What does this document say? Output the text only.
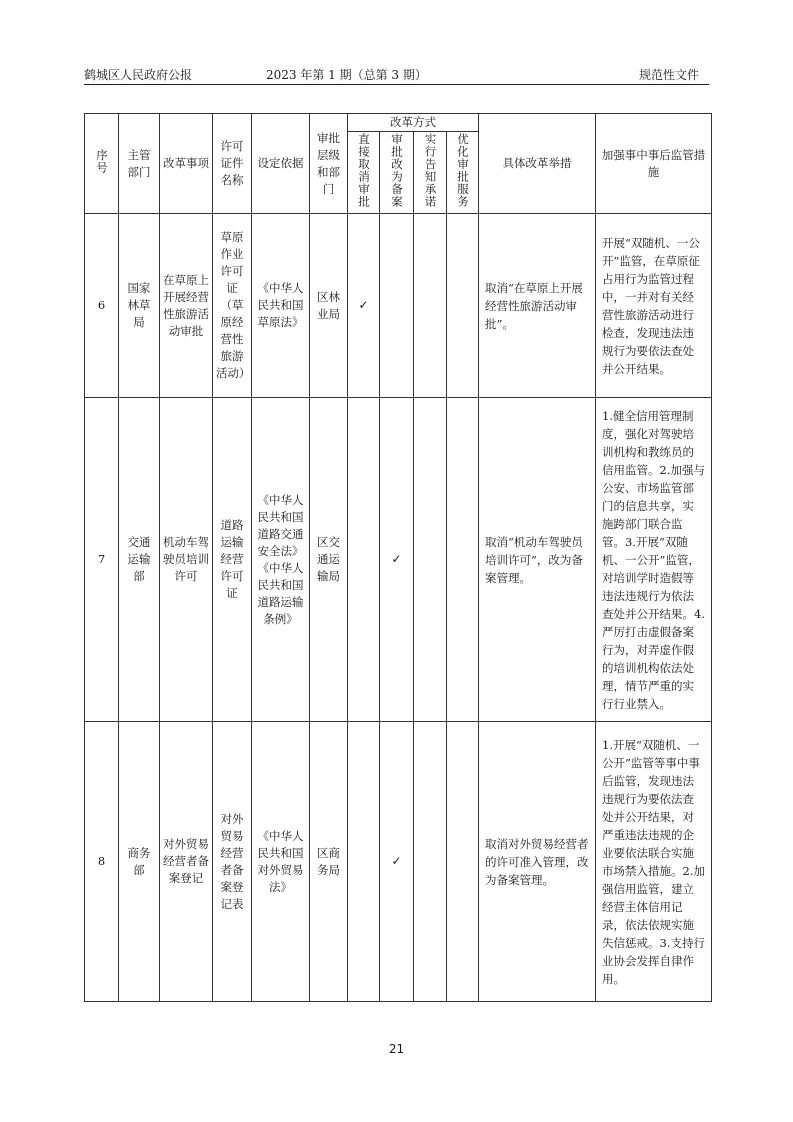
鹤城区人民政府公报	2023 年第 1 期（总第 3 期）	规范性文件
序号	主管部门	改革事项	许可证件名称	设定依据	审批层级和部门	改革方式				具体改革举措	加强事中事后监管措施
						直接取消审批	审批改为备案	实行告知承诺	优化审批服务		
6	国家林草局	在草原上开展经营性旅游活动审批	草原作业许可证（草原经营性旅游活动）	《中华人民共和国草原法》	区林业局	✓				取消“在草原上开展经营性旅游活动审批”。	开展“双随机、一公开”监管，在草原征占用行为监管过程中，一并对有关经营性旅游活动进行检查，发现违法违规行为要依法查处并公开结果。
7	交通运输部	机动车驾驶员培训许可	道路运输经营许可证	《中华人民共和国道路交通安全法》《中华人民共和国道路运输条例》	区交通运输局		✓			取消“机动车驾驶员培训许可”，改为备案管理。	1.健全信用管理制度，强化对驾驶培训机构和教练员的信用监管。2.加强与公安、市场监管部门的信息共享，实施跨部门联合监管。3.开展“双随机、一公开”监管，对培训学时造假等违法违规行为依法查处并公开结果。4.严厉打击虚假备案行为，对弄虚作假的培训机构依法处理，情节严重的实行行业禁入。
8	商务部	对外贸易经营者备案登记	对外贸易经营者备案登记表	《中华人民共和国对外贸易法》	区商务局		✓			取消对外贸易经营者的许可准入管理，改为备案管理。	1.开展“双随机、一公开”监管等事中事后监管，发现违法违规行为要依法查处并公开结果，对严重违法违规的企业要依法联合实施市场禁入措施。2.加强信用监管，建立经营主体信用记录，依法依规实施失信惩戒。3.支持行业协会发挥自律作用。
21
